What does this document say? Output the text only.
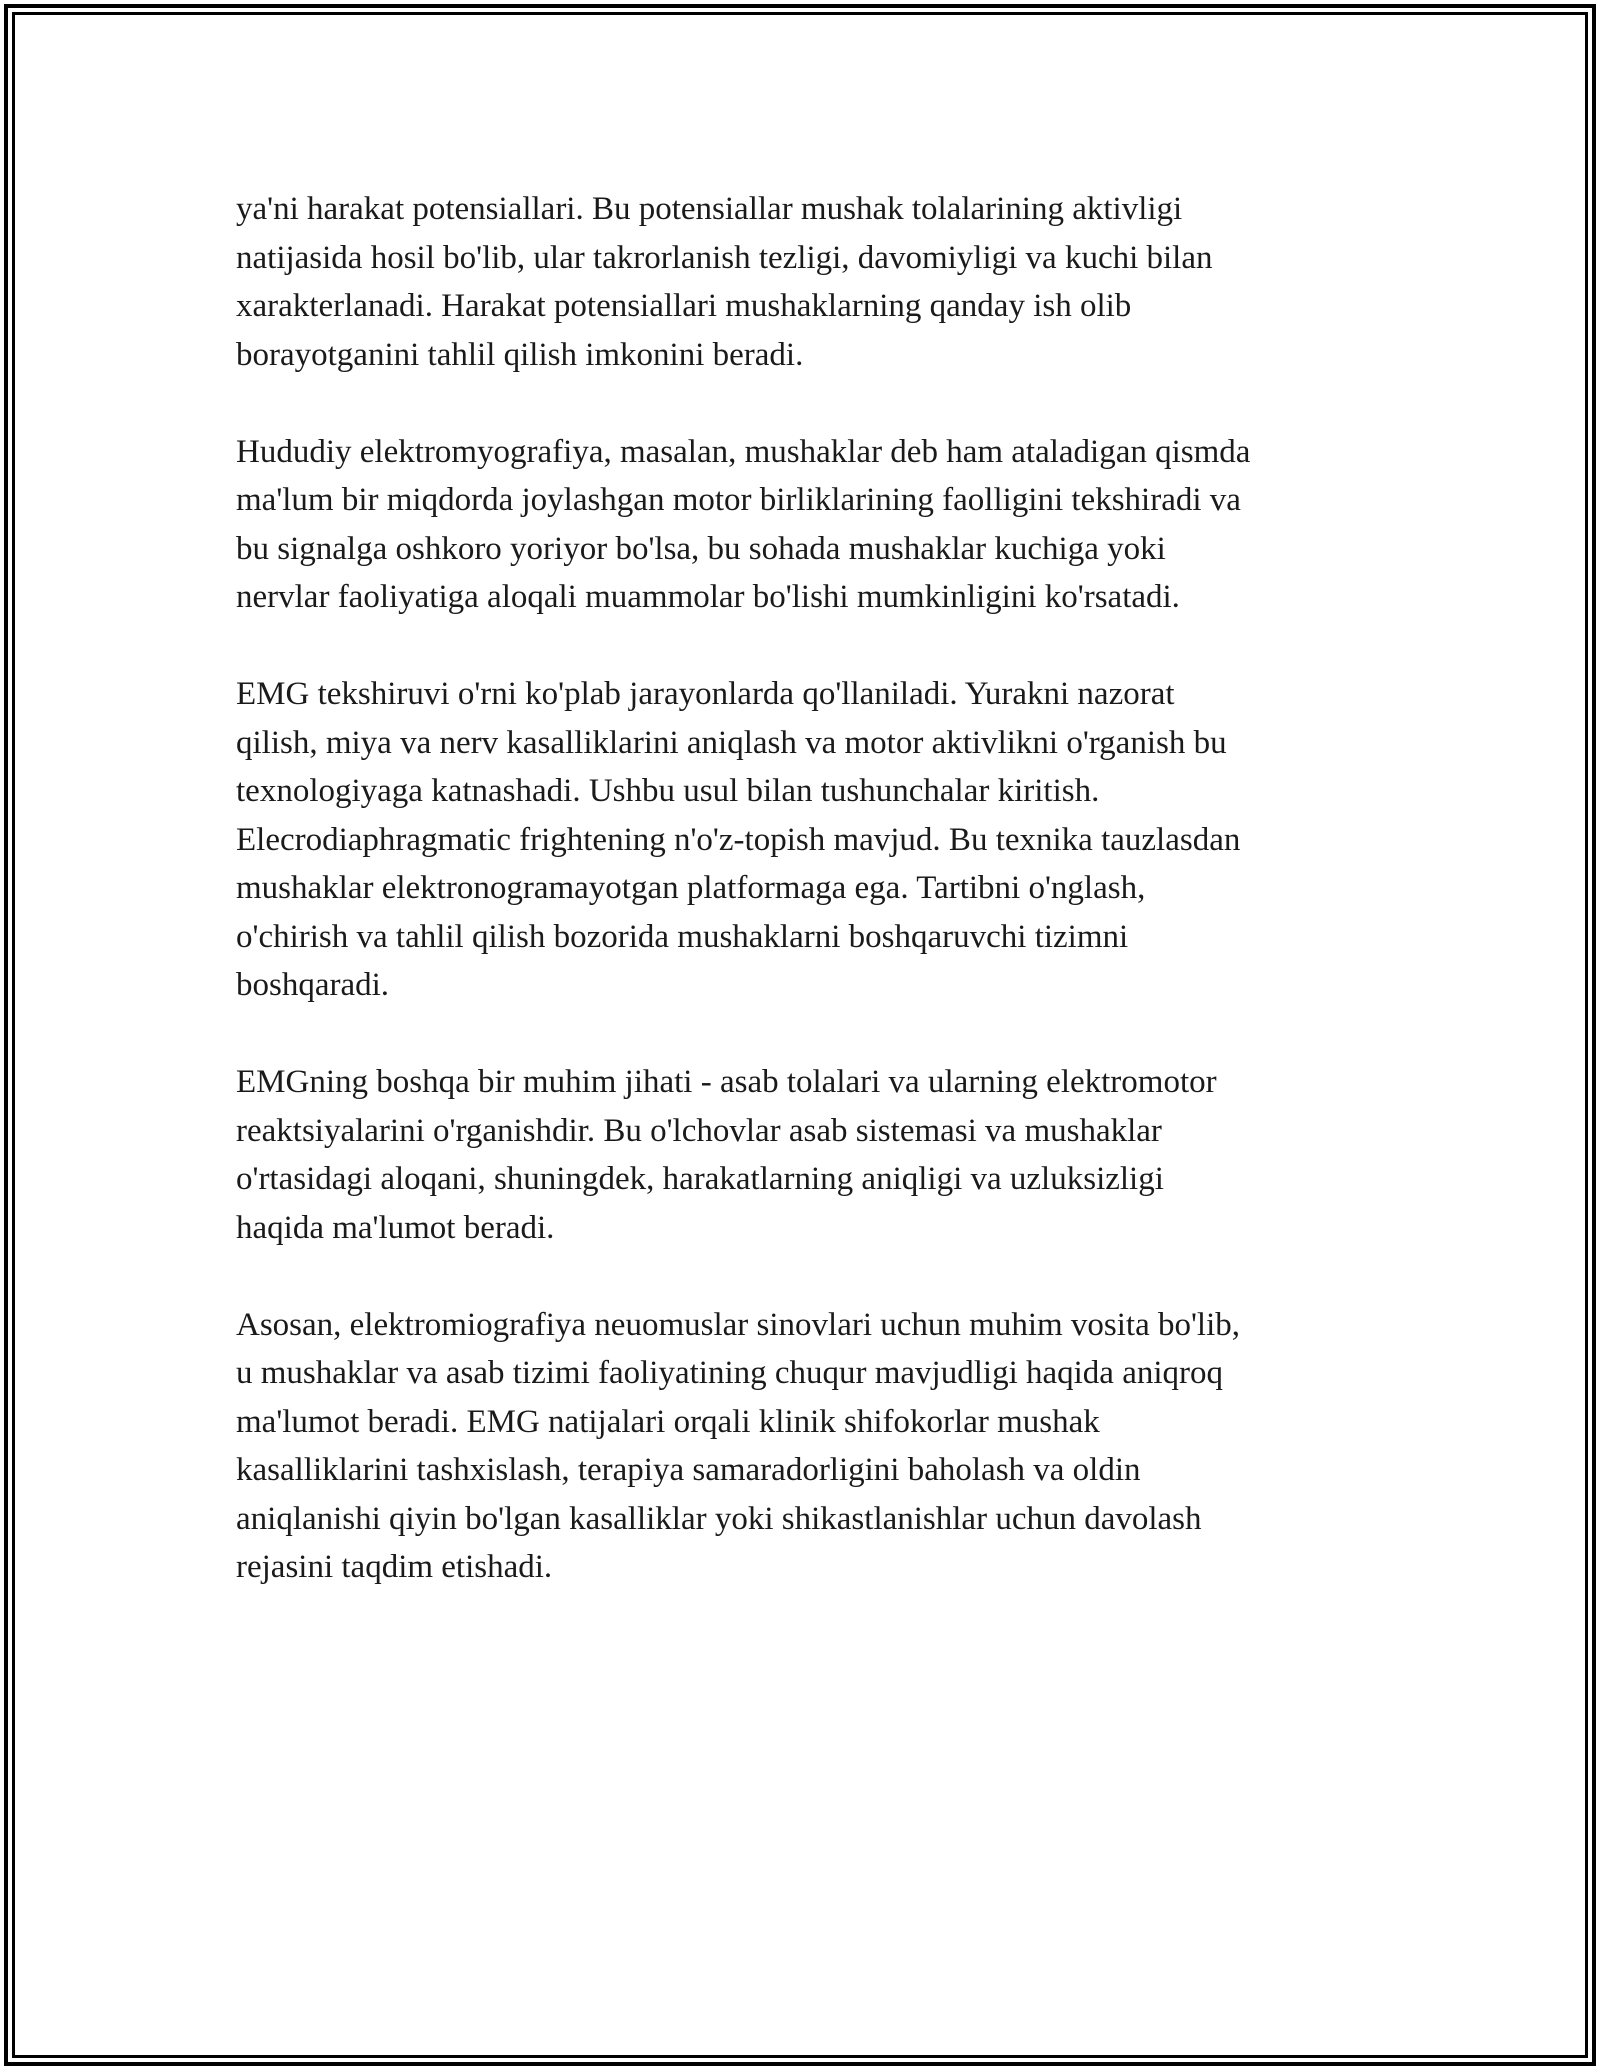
ya'ni harakat potensiallari. Bu potensiallar mushak tolalarining aktivligi
natijasida hosil bo'lib, ular takrorlanish tezligi, davomiyligi va kuchi bilan
xarakterlanadi. Harakat potensiallari mushaklarning qanday ish olib
borayotganini tahlil qilish imkonini beradi.

Hududiy elektromyografiya, masalan, mushaklar deb ham ataladigan qismda
ma'lum bir miqdorda joylashgan motor birliklarining faolligini tekshiradi va
bu signalga oshkoro yoriyor bo'lsa, bu sohada mushaklar kuchiga yoki
nervlar faoliyatiga aloqali muammolar bo'lishi mumkinligini ko'rsatadi.

EMG tekshiruvi o'rni ko'plab jarayonlarda qo'llaniladi. Yurakni nazorat
qilish, miya va nerv kasalliklarini aniqlash va motor aktivlikni o'rganish bu
texnologiyaga katnashadi. Ushbu usul bilan tushunchalar kiritish.
Elecrodiaphragmatic frightening n'o'z-topish mavjud. Bu texnika tauzlasdan
mushaklar elektronogramayotgan platformaga ega. Tartibni o'nglash,
o'chirish va tahlil qilish bozorida mushaklarni boshqaruvchi tizimni
boshqaradi.

EMGning boshqa bir muhim jihati - asab tolalari va ularning elektromotor
reaktsiyalarini o'rganishdir. Bu o'lchovlar asab sistemasi va mushaklar
o'rtasidagi aloqani, shuningdek, harakatlarning aniqligi va uzluksizligi
haqida ma'lumot beradi.

Asosan, elektromiografiya neuomuslar sinovlari uchun muhim vosita bo'lib,
u mushaklar va asab tizimi faoliyatining chuqur mavjudligi haqida aniqroq
ma'lumot beradi. EMG natijalari orqali klinik shifokorlar mushak
kasalliklarini tashxislash, terapiya samaradorligini baholash va oldin
aniqlanishi qiyin bo'lgan kasalliklar yoki shikastlanishlar uchun davolash
rejasini taqdim etishadi.
